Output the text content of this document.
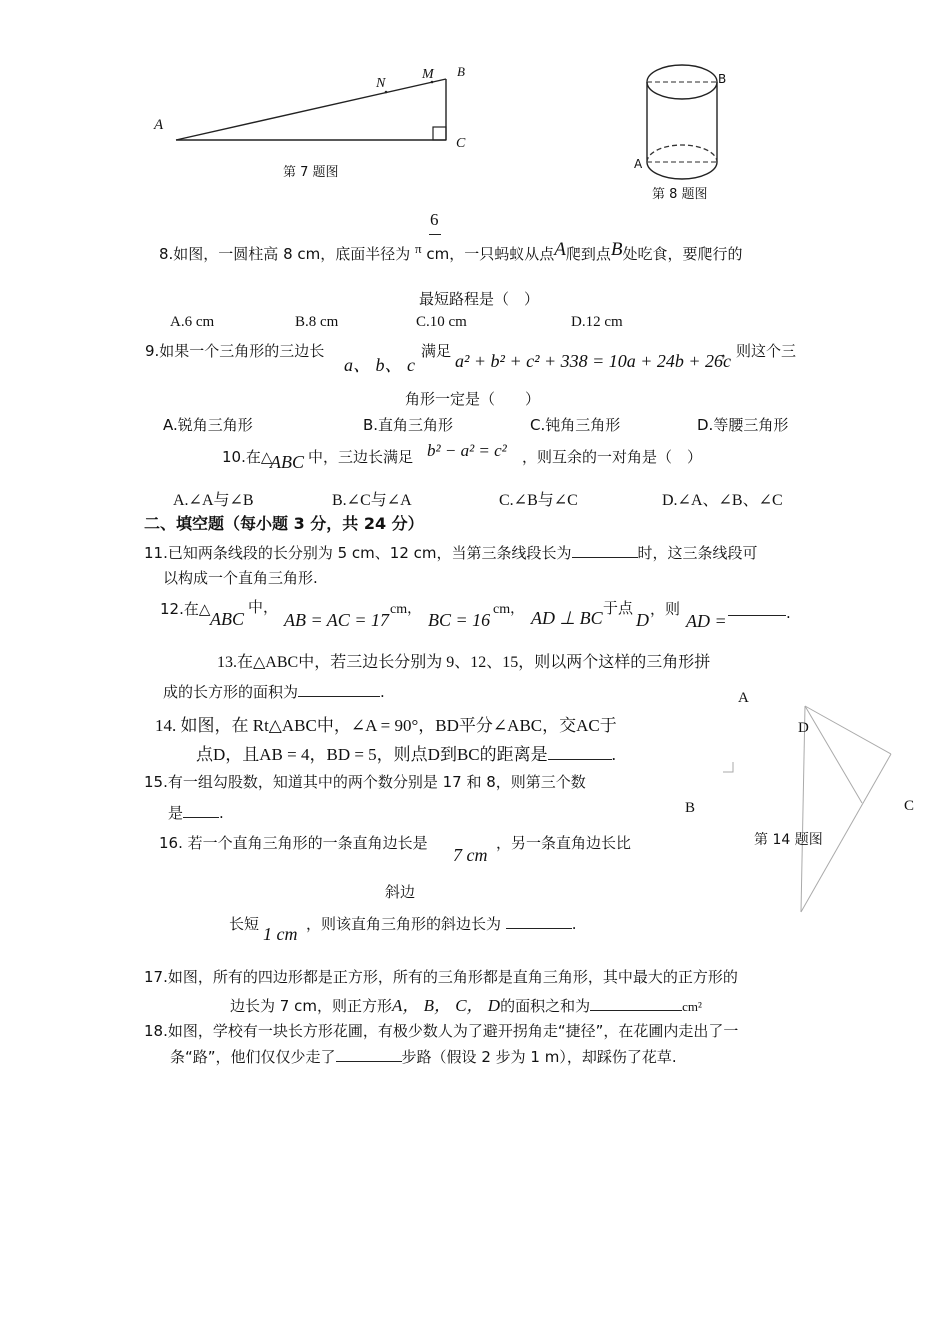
A
N
M B
C
第 7 题图
B
A
第 8 题图
6
8.如图，一圆柱高 8 cm，底面半径为 π cm，一只蚂蚁从点A爬到点B处吃食，要爬行的
最短路程是（　）
A.6 cm	B.8 cm	C.10 cm	D.12 cm
9.如果一个三角形的三边长
a、 b、 c
满足 a² + b² + c² + 338 = 10a + 24b + 26c
，则这个三
角形一定是（　　）
A.锐角三角形	B.直角三角形	C.钝角三角形	D.等腰三角形
10.在△
ABC 中，三边长满足 b² − a² = c² ，则互余的一对角是（　）
A.∠A与∠B	B.∠C与∠A	C.∠B与∠C	D.∠A、∠B、∠C
二、填空题（每小题 3 分，共 24 分）
11.已知两条线段的长分别为 5 cm、12 cm，当第三条线段长为	时，这三条线段可
以构成一个直角三角形.
12.在△ ABC
中，
AB = AC = 17
cm，
BC = 16
cm， AD ⊥ BC 于点
D
，则
AD =	.
13.在△ABC中，若三边长分别为 9、12、15，则以两个这样的三角形拼
成的长方形的面积为	.
14. 如图，在 Rt△ABC中，∠A = 90°，BD平分∠ABC，交AC于
点D，且AB = 4，BD = 5，则点D到BC的距离是	.
A
D
B	C
第 14 题图
15.有一组勾股数，知道其中的两个数分别是 17 和 8，则第三个数
是 .
16. 若一个直角三角形的一条直角边长是
7 cm
，另一条直角边长比
斜边
长短 1 cm ，则该直角三角形的斜边长为	.
17.如图，所有的四边形都是正方形，所有的三角形都是直角三角形，其中最大的正方形的
边长为 7 cm，则正方形A， B， C， D的面积之和为	cm²
18.如图，学校有一块长方形花圃，有极少数人为了避开拐角走“捷径”，在花圃内走出了一
条“路”，他们仅仅少走了	步路（假设 2 步为 1 m），却踩伤了花草.
